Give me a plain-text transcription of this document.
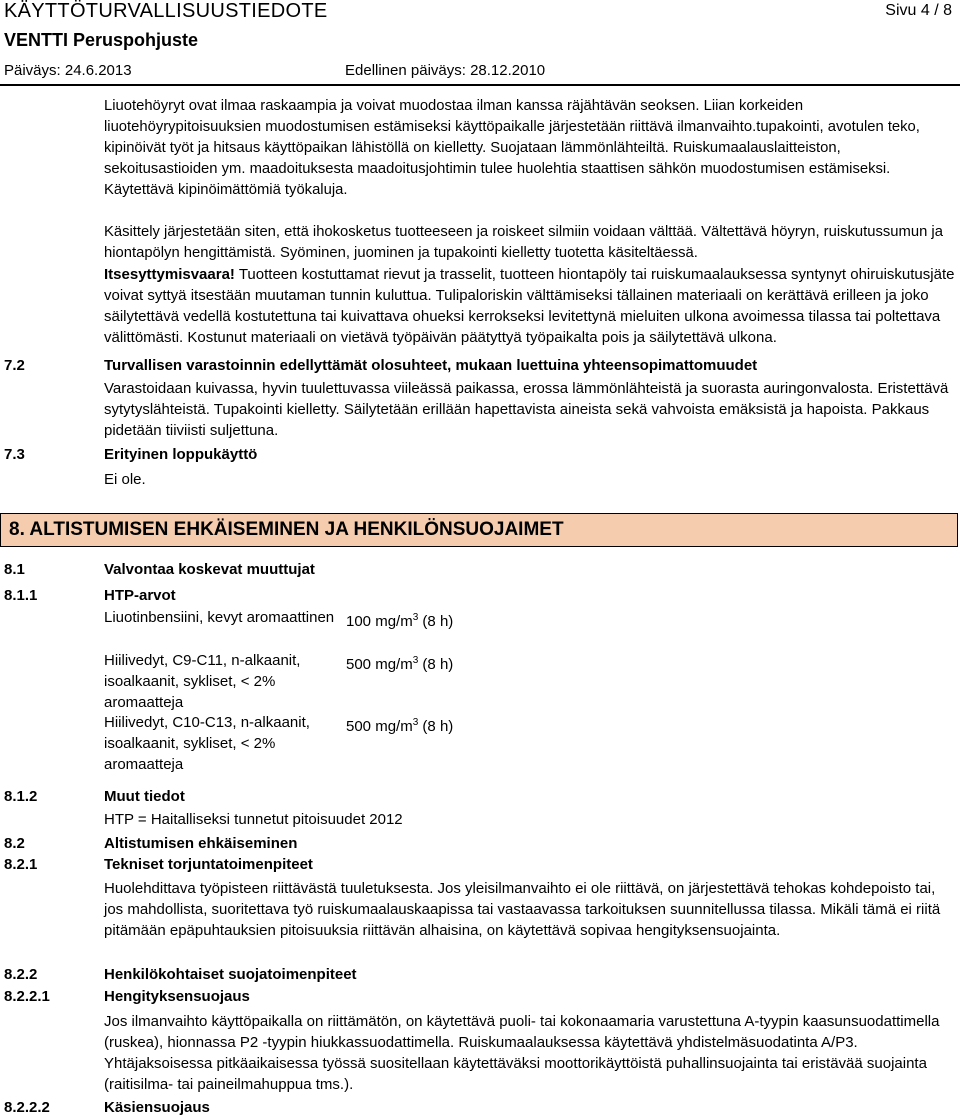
KÄYTTÖTURVALLISUUSTIEDOTE	Sivu 4 / 8
VENTTI Peruspohjuste
Päiväys: 24.6.2013	Edellinen päiväys: 28.12.2010
Liuotehöyryt ovat ilmaa raskaampia ja voivat muodostaa ilman kanssa räjähtävän seoksen. Liian korkeiden liuotehöyrypitoisuuksien muodostumisen estämiseksi käyttöpaikalle järjestetään riittävä ilmanvaihto.tupakointi, avotulen teko, kipinöivät työt ja hitsaus käyttöpaikan lähistöllä on kielletty. Suojataan lämmönlähteiltä. Ruiskumaalauslaitteiston, sekoitusastioiden ym. maadoituksesta maadoitusjohtimin tulee huolehtia staattisen sähkön muodostumisen estämiseksi. Käytettävä kipinöimättömiä työkaluja.
Käsittely järjestetään siten, että ihokosketus tuotteeseen ja roiskeet silmiin voidaan välttää. Vältettävä höyryn, ruiskutussumun ja hiontapölyn hengittämistä. Syöminen, juominen ja tupakointi kielletty tuotetta käsiteltäessä.
Itsesyttymisvaara! Tuotteen kostuttamat rievut ja trasselit, tuotteen hiontapöly tai ruiskumaalauksessa syntynyt ohiruiskutusjäte voivat syttyä itsestään muutaman tunnin kuluttua. Tulipaloriskin välttämiseksi tällainen materiaali on kerättävä erilleen ja joko säilytettävä vedellä kostutettuna tai kuivattava ohueksi kerrokseksi levitettynä mieluiten ulkona avoimessa tilassa tai poltettava välittömästi. Kostunut materiaali on vietävä työpäivän päätyttyä työpaikalta pois ja säilytettävä ulkona.
7.2	Turvallisen varastoinnin edellyttämät olosuhteet, mukaan luettuina yhteensopimattomuudet
Varastoidaan kuivassa, hyvin tuulettuvassa viileässä paikassa, erossa lämmönlähteistä ja suorasta auringonvalosta. Eristettävä sytytyslähteistä. Tupakointi kielletty. Säilytetään erillään hapettavista aineista sekä vahvoista emäksistä ja hapoista. Pakkaus pidetään tiiviisti suljettuna.
7.3	Erityinen loppukäyttö
Ei ole.
8. ALTISTUMISEN EHKÄISEMINEN JA HENKILÖNSUOJAIMET
8.1	Valvontaa koskevat muuttujat
8.1.1	HTP-arvot
Liuotinbensiini, kevyt aromaattinen 100 $mg/m^3$ (8 h)
Hiilivedyt, C9-C11, n-alkaanit, isoalkaanit, sykliset, < 2% aromaatteja
500 $mg/m^3$ (8 h)
Hiilivedyt, C10-C13, n-alkaanit, isoalkaanit, sykliset, < 2% aromaatteja
500 $mg/m^3$ (8 h)
8.1.2	Muut tiedot
HTP = Haitalliseksi tunnetut pitoisuudet 2012
8.2	Altistumisen ehkäiseminen
8.2.1	Tekniset torjuntatoimenpiteet
Huolehdittava työpisteen riittävästä tuuletuksesta. Jos yleisilmanvaihto ei ole riittävä, on järjestettävä tehokas kohdepoisto tai, jos mahdollista, suoritettava työ ruiskumaalauskaapissa tai vastaavassa tarkoituksen suunnitellussa tilassa. Mikäli tämä ei riitä pitämään epäpuhtauksien pitoisuuksia riittävän alhaisina, on käytettävä sopivaa hengityksensuojainta.
8.2.2	Henkilökohtaiset suojatoimenpiteet
8.2.2.1	Hengityksensuojaus
Jos ilmanvaihto käyttöpaikalla on riittämätön, on käytettävä puoli- tai kokonaamaria varustettuna A-tyypin kaasunsuodattimella (ruskea), hionnassa P2 -tyypin hiukkassuodattimella. Ruiskumaalauksessa käytettävä yhdistelmäsuodatinta A/P3. Yhtäjaksoisessa pitkäaikaisessa työssä suositellaan käytettäväksi moottorikäyttöistä puhallinsuojainta tai eristävää suojainta (raitisilma- tai paineilmahuppua tms.).
8.2.2.2	Käsiensuojaus
